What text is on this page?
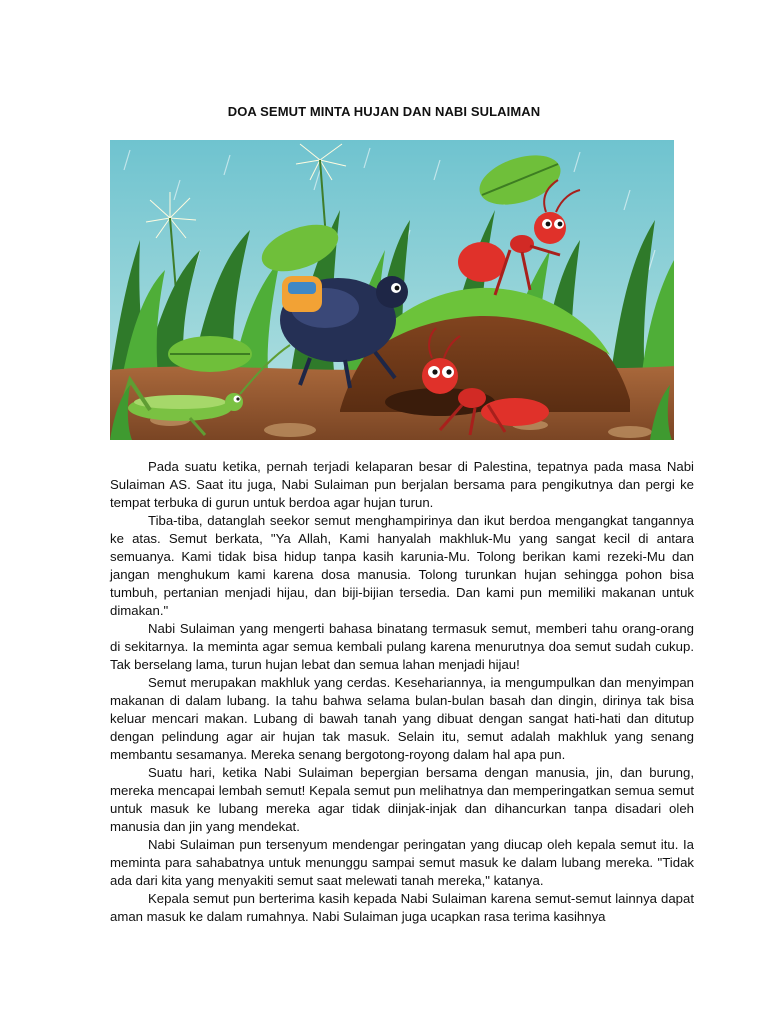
DOA SEMUT MINTA HUJAN DAN NABI SULAIMAN

Pada suatu ketika, pernah terjadi kelaparan besar di Palestina, tepatnya pada masa Nabi Sulaiman AS. Saat itu juga, Nabi Sulaiman pun berjalan bersama para pengikutnya dan pergi ke tempat terbuka di gurun untuk berdoa agar hujan turun.

Tiba-tiba, datanglah seekor semut menghampirinya dan ikut berdoa mengangkat tangannya ke atas. Semut berkata, "Ya Allah, Kami hanyalah makhluk-Mu yang sangat kecil di antara semuanya. Kami tidak bisa hidup tanpa kasih karunia-Mu. Tolong berikan kami rezeki-Mu dan jangan menghukum kami karena dosa manusia. Tolong turunkan hujan sehingga pohon bisa tumbuh, pertanian menjadi hijau, dan biji-bijian tersedia. Dan kami pun memiliki makanan untuk dimakan."

Nabi Sulaiman yang mengerti bahasa binatang termasuk semut, memberi tahu orang-orang di sekitarnya. Ia meminta agar semua kembali pulang karena menurutnya doa semut sudah cukup. Tak berselang lama, turun hujan lebat dan semua lahan menjadi hijau!

Semut merupakan makhluk yang cerdas. Kesehariannya, ia mengumpulkan dan menyimpan makanan di dalam lubang. Ia tahu bahwa selama bulan-bulan basah dan dingin, dirinya tak bisa keluar mencari makan. Lubang di bawah tanah yang dibuat dengan sangat hati-hati dan ditutup dengan pelindung agar air hujan tak masuk. Selain itu, semut adalah makhluk yang senang membantu sesamanya. Mereka senang bergotong-royong dalam hal apa pun.

Suatu hari, ketika Nabi Sulaiman bepergian bersama dengan manusia, jin, dan burung, mereka mencapai lembah semut! Kepala semut pun melihatnya dan memperingatkan semua semut untuk masuk ke lubang mereka agar tidak diinjak-injak dan dihancurkan tanpa disadari oleh manusia dan jin yang mendekat.

Nabi Sulaiman pun tersenyum mendengar peringatan yang diucap oleh kepala semut itu. Ia meminta para sahabatnya untuk menunggu sampai semut masuk ke dalam lubang mereka. "Tidak ada dari kita yang menyakiti semut saat melewati tanah mereka," katanya.

Kepala semut pun berterima kasih kepada Nabi Sulaiman karena semut-semut lainnya dapat aman masuk ke dalam rumahnya. Nabi Sulaiman juga ucapkan rasa terima kasihnya
